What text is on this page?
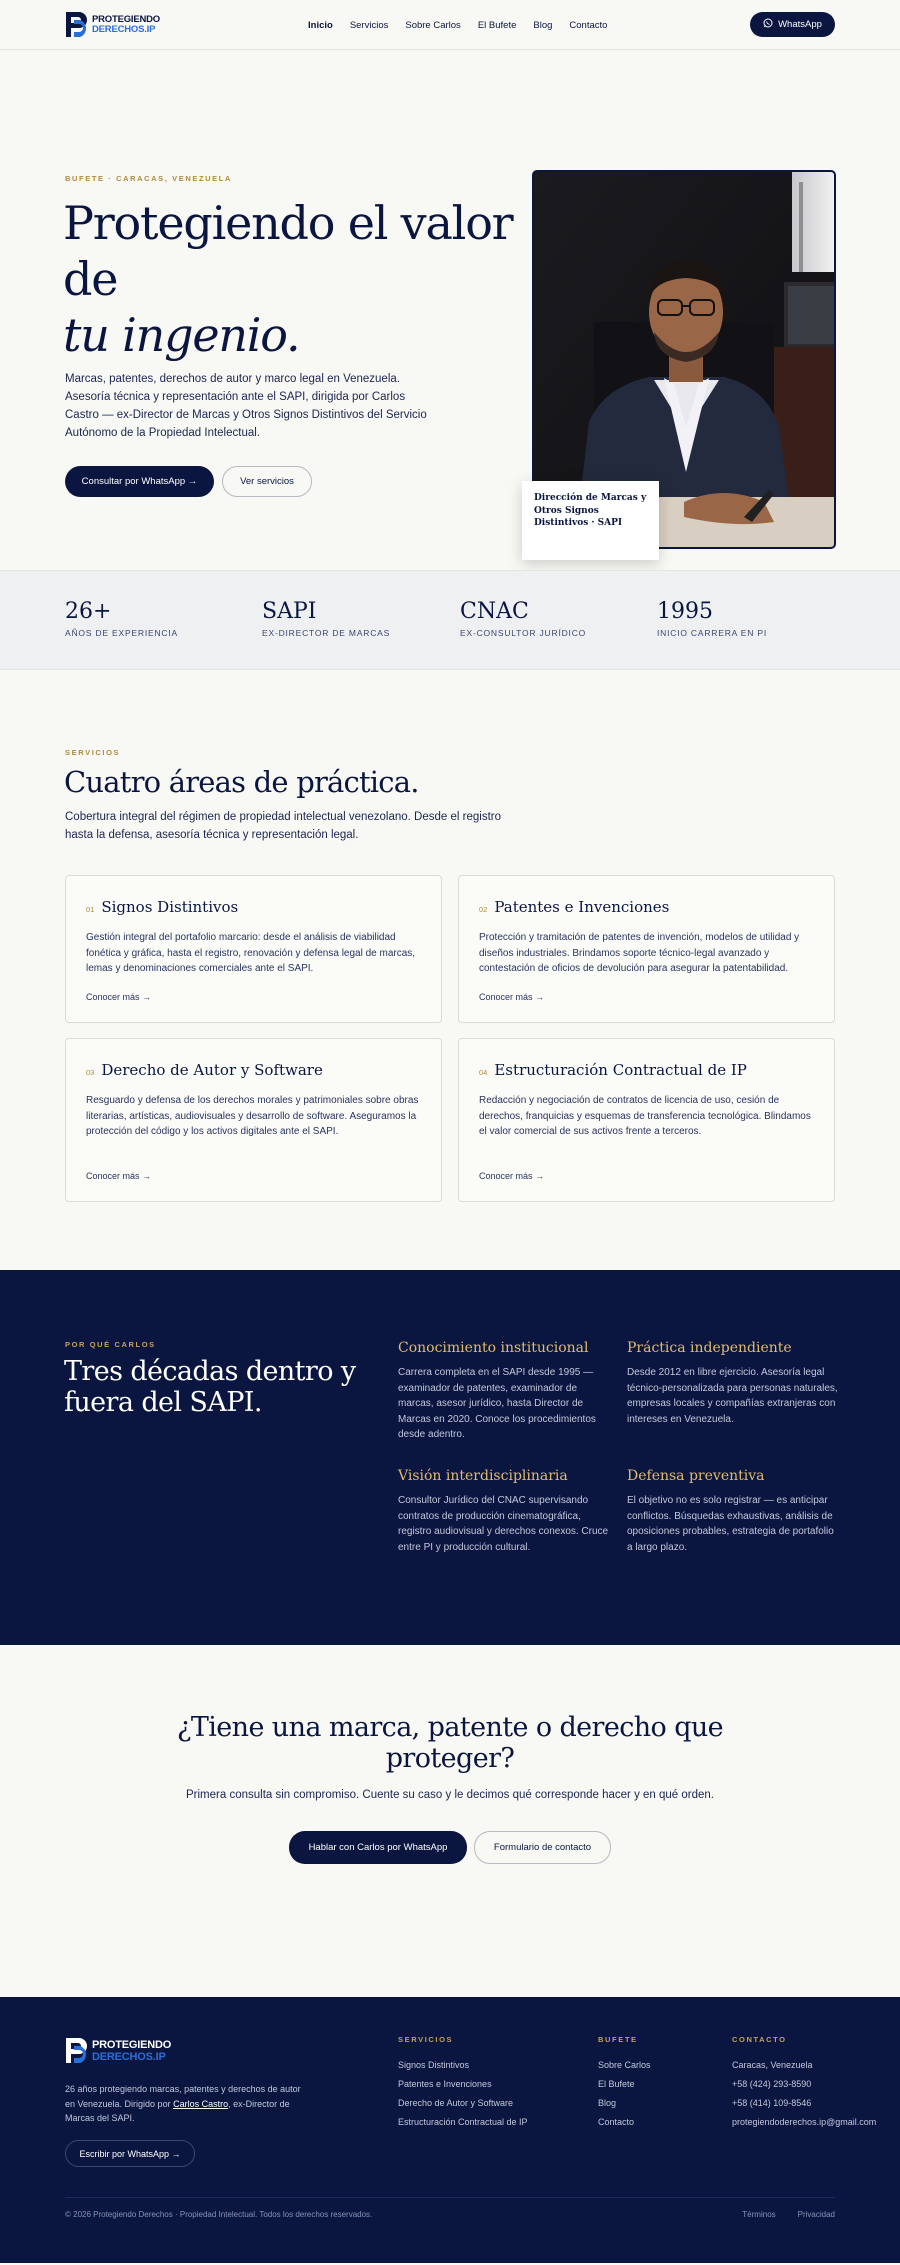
PROTEGIENDO
DERECHOS.IP	Inicio Servicios Sobre Carlos El Bufete Blog Contacto	WhatsApp
BUFETE · CARACAS, VENEZUELA
Protegiendo el valor de
tu ingenio.

Marcas, patentes, derechos de autor y marco legal en Venezuela. Asesoría técnica y representación ante el SAPI, dirigida por Carlos Castro — ex-Director de Marcas y Otros Signos Distintivos del Servicio Autónomo de la Propiedad Intelectual.

Consultar por WhatsApp →	Ver servicios
Dirección de Marcas y Otros Signos Distintivos · SAPI
26+
AÑOS DE EXPERIENCIA
SAPI
EX-DIRECTOR DE MARCAS
CNAC
EX-CONSULTOR JURÍDICO
1995
INICIO CARRERA EN PI
SERVICIOS
Cuatro áreas de práctica.

Cobertura integral del régimen de propiedad intelectual venezolano. Desde el registro hasta la defensa, asesoría técnica y representación legal.

01 Signos Distintivos
Gestión integral del portafolio marcario: desde el análisis de viabilidad fonética y gráfica, hasta el registro, renovación y defensa legal de marcas, lemas y denominaciones comerciales ante el SAPI.
Conocer más →
02 Patentes e Invenciones
Protección y tramitación de patentes de invención, modelos de utilidad y diseños industriales. Brindamos soporte técnico-legal avanzado y contestación de oficios de devolución para asegurar la patentabilidad.
Conocer más →
03 Derecho de Autor y Software
Resguardo y defensa de los derechos morales y patrimoniales sobre obras literarias, artísticas, audiovisuales y desarrollo de software. Aseguramos la protección del código y los activos digitales ante el SAPI.
Conocer más →
04 Estructuración Contractual de IP
Redacción y negociación de contratos de licencia de uso, cesión de derechos, franquicias y esquemas de transferencia tecnológica. Blindamos el valor comercial de sus activos frente a terceros.
Conocer más →
POR QUÉ CARLOS
Tres décadas dentro y fuera del SAPI.
Conocimiento institucional
Carrera completa en el SAPI desde 1995 — examinador de patentes, examinador de marcas, asesor jurídico, hasta Director de Marcas en 2020. Conoce los procedimientos desde adentro.
Práctica independiente
Desde 2012 en libre ejercicio. Asesoría legal técnico-personalizada para personas naturales, empresas locales y compañías extranjeras con intereses en Venezuela.
Visión interdisciplinaria
Consultor Jurídico del CNAC supervisando contratos de producción cinematográfica, registro audiovisual y derechos conexos. Cruce entre PI y producción cultural.
Defensa preventiva
El objetivo no es solo registrar — es anticipar conflictos. Búsquedas exhaustivas, análisis de oposiciones probables, estrategia de portafolio a largo plazo.
¿Tiene una marca, patente o derecho que proteger?

Primera consulta sin compromiso. Cuente su caso y le decimos qué corresponde hacer y en qué orden.

Hablar con Carlos por WhatsApp	Formulario de contacto
PROTEGIENDO
DERECHOS.IP

26 años protegiendo marcas, patentes y derechos de autor en Venezuela. Dirigido por Carlos Castro, ex-Director de Marcas del SAPI.

Escribir por WhatsApp →
SERVICIOS
Signos Distintivos
Patentes e Invenciones
Derecho de Autor y Software
Estructuración Contractual de IP
BUFETE
Sobre Carlos
El Bufete
Blog
Contacto
CONTACTO
Caracas, Venezuela
+58 (424) 293-8590
+58 (414) 109-8546
protegiendoderechos.ip@gmail.com
© 2026 Protegiendo Derechos · Propiedad Intelectual. Todos los derechos reservados.	Términos	Privacidad
